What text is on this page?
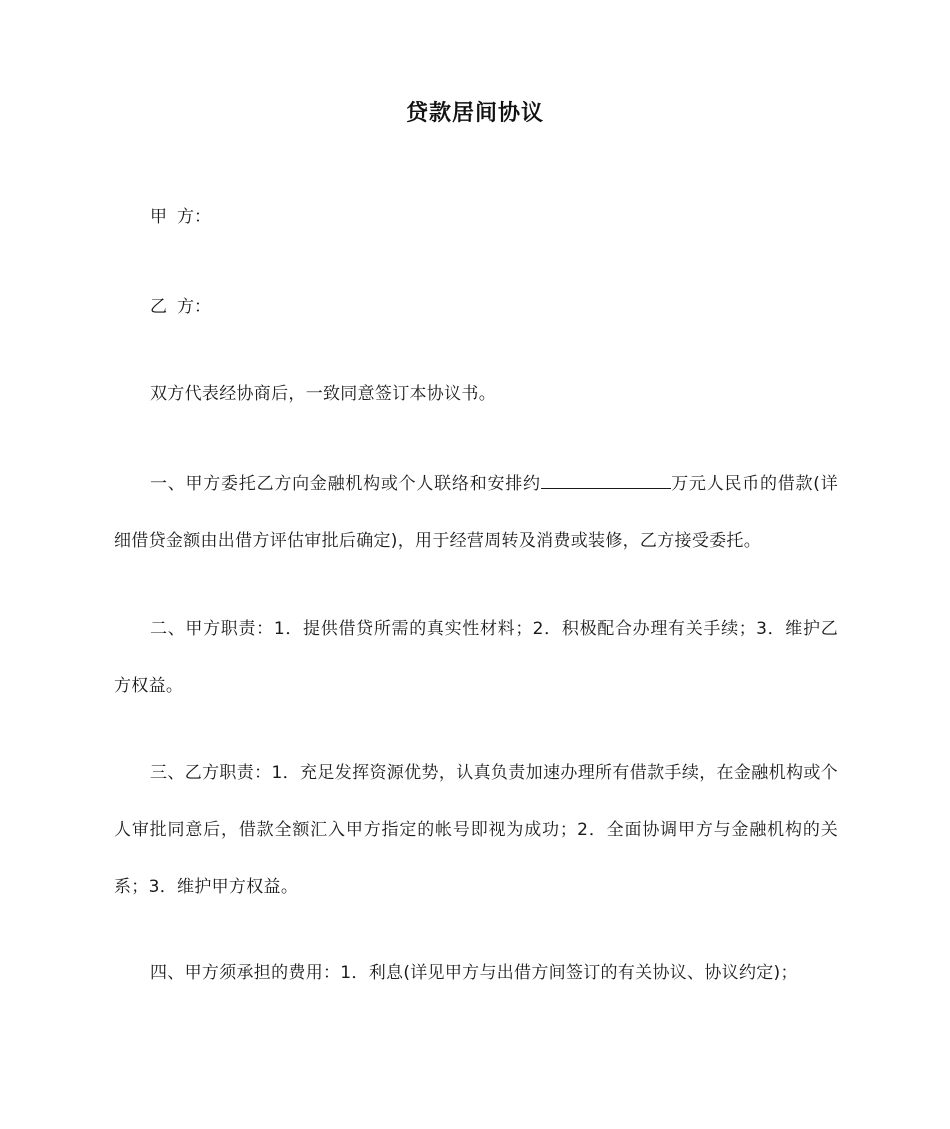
贷款居间协议
甲 方：
乙 方：
双方代表经协商后，一致同意签订本协议书。
一、甲方委托乙方向金融机构或个人联络和安排约	万元人民币的借款(详细借贷金额由出借方评估审批后确定)，用于经营周转及消费或装修，乙方接受委托。
二、甲方职责：1．提供借贷所需的真实性材料；2．积极配合办理有关手续；3．维护乙方权益。
三、乙方职责：1．充足发挥资源优势，认真负责加速办理所有借款手续，在金融机构或个人审批同意后，借款全额汇入甲方指定的帐号即视为成功；2．全面协调甲方与金融机构的关系；3．维护甲方权益。
四、甲方须承担的费用：1．利息(详见甲方与出借方间签订的有关协议、协议约定)；
